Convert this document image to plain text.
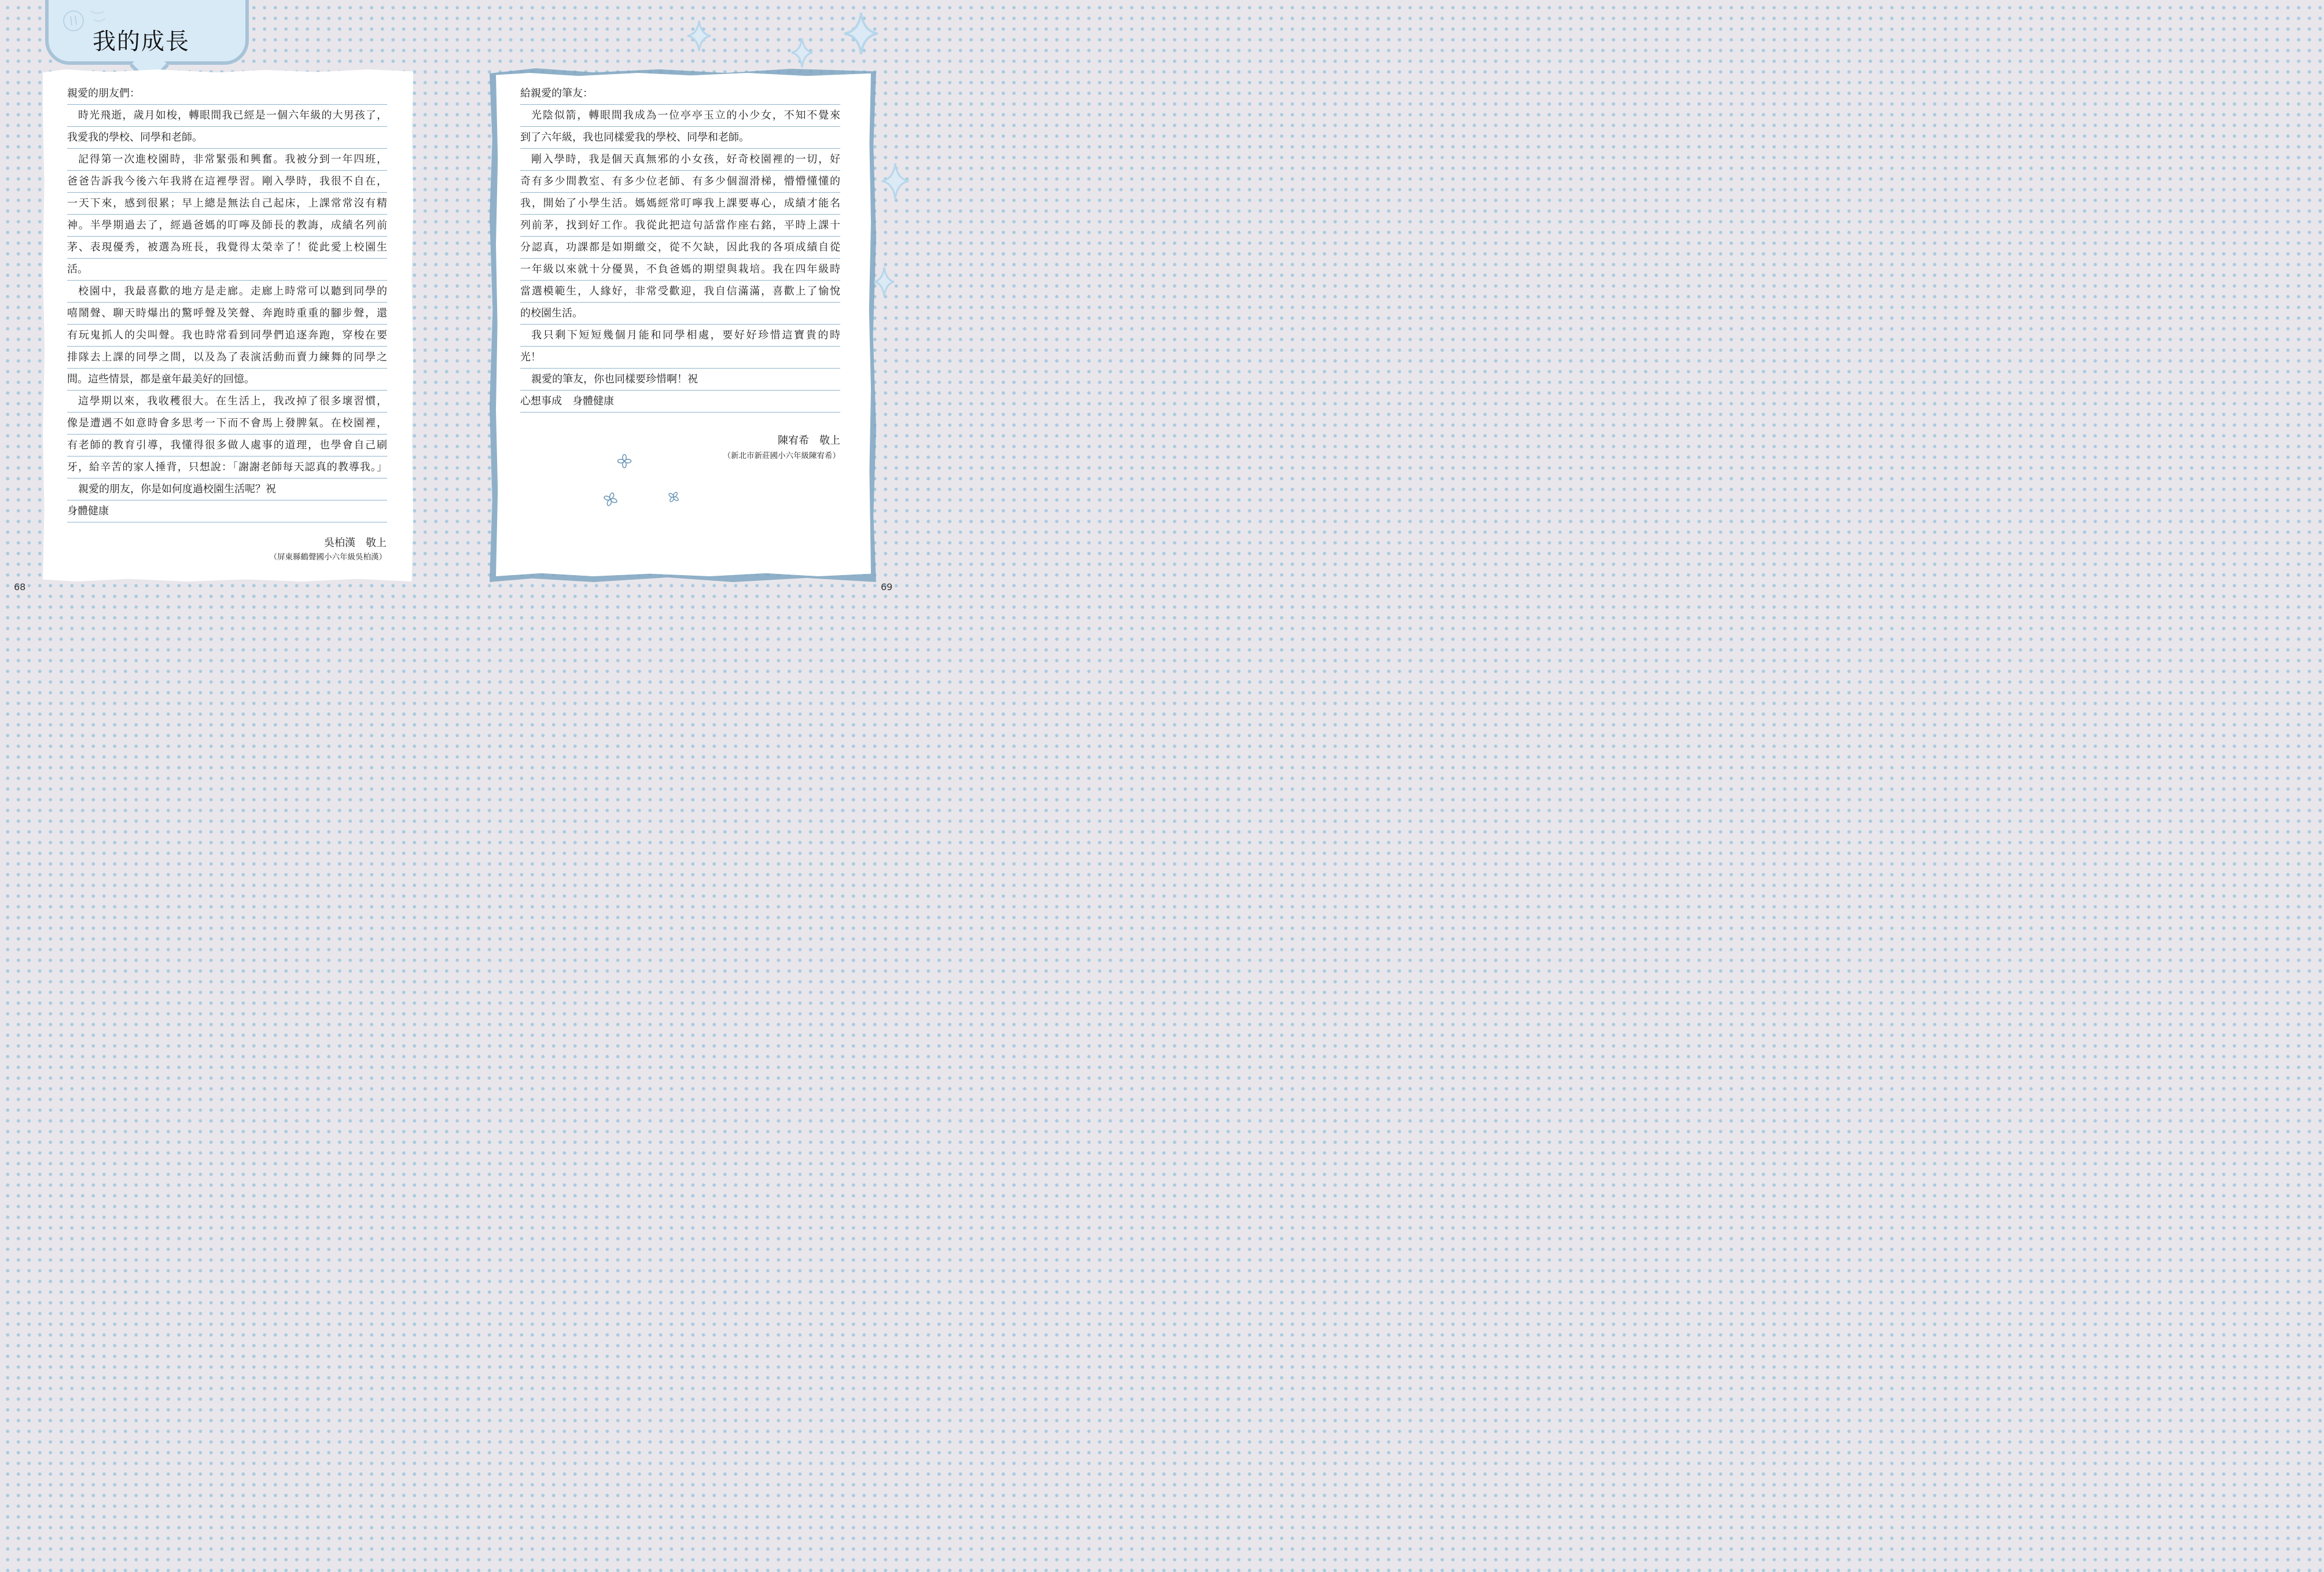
我的成長
親愛的朋友們：
時光飛逝，歲月如梭，轉眼間我已經是一個六年級的大男孩了，
我愛我的學校、同學和老師。
記得第一次進校園時，非常緊張和興奮。我被分到一年四班，
爸爸告訴我今後六年我將在這裡學習。剛入學時，我很不自在，
一天下來，感到很累；早上總是無法自己起床，上課常常沒有精
神。半學期過去了，經過爸媽的叮嚀及師長的教誨，成績名列前
茅、表現優秀，被選為班長，我覺得太榮幸了！從此愛上校園生
活。
校園中，我最喜歡的地方是走廊。走廊上時常可以聽到同學的
嘻鬧聲、聊天時爆出的驚呼聲及笑聲、奔跑時重重的腳步聲，還
有玩鬼抓人的尖叫聲。我也時常看到同學們追逐奔跑，穿梭在要
排隊去上課的同學之間，以及為了表演活動而賣力練舞的同學之
間。這些情景，都是童年最美好的回憶。
這學期以來，我收穫很大。在生活上，我改掉了很多壞習慣，
像是遭遇不如意時會多思考一下而不會馬上發脾氣。在校園裡，
有老師的教育引導，我懂得很多做人處事的道理，也學會自己刷
牙，給辛苦的家人捶背，只想說：「謝謝老師每天認真的教導我。」
親愛的朋友，你是如何度過校園生活呢？祝
身體健康
吳柏漢　敬上
（屏東縣鶴聲國小六年級吳柏漢）
給親愛的筆友：
光陰似箭，轉眼間我成為一位亭亭玉立的小少女，不知不覺來
到了六年級，我也同樣愛我的學校、同學和老師。
剛入學時，我是個天真無邪的小女孩，好奇校園裡的一切，好
奇有多少間教室、有多少位老師、有多少個溜滑梯，懵懵懂懂的
我，開始了小學生活。媽媽經常叮嚀我上課要專心，成績才能名
列前茅，找到好工作。我從此把這句話當作座右銘，平時上課十
分認真，功課都是如期繳交，從不欠缺，因此我的各項成績自從
一年級以來就十分優異，不負爸媽的期望與栽培。我在四年級時
當選模範生，人緣好，非常受歡迎，我自信滿滿，喜歡上了愉悅
的校園生活。
我只剩下短短幾個月能和同學相處，要好好珍惜這寶貴的時
光！
親愛的筆友，你也同樣要珍惜啊！祝
心想事成　身體健康
陳宥希　敬上
（新北市新莊國小六年級陳宥希）
68	69
